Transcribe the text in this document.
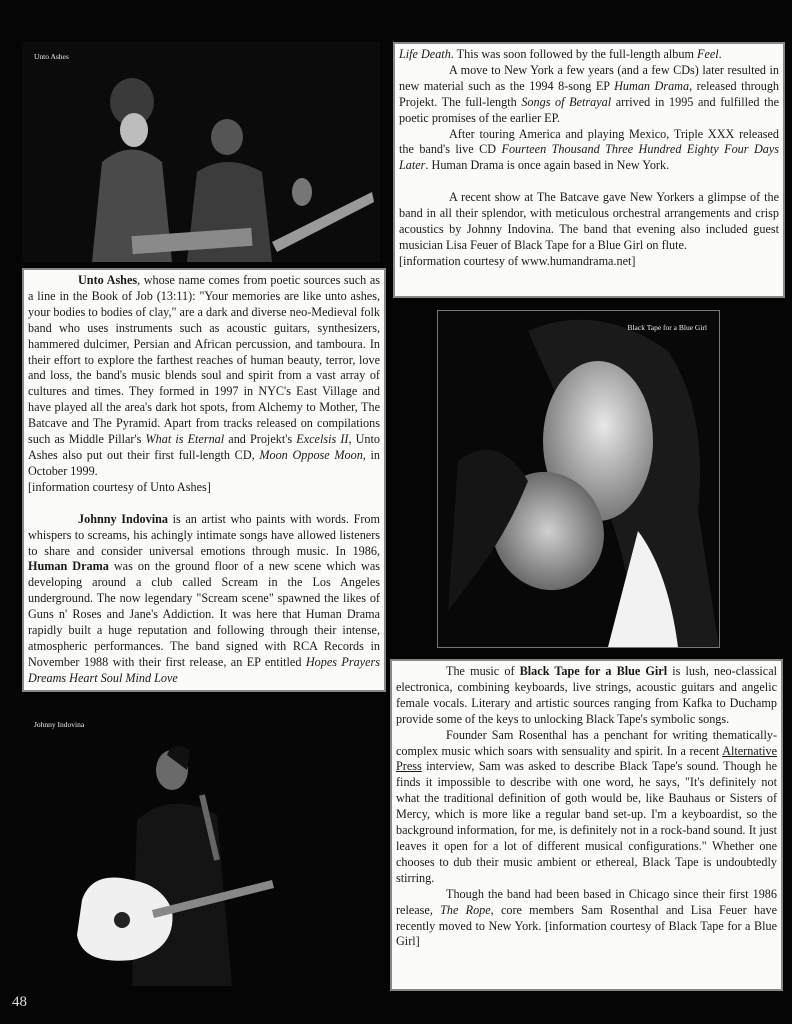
Unto Ashes	Life Death. This was soon followed by the full-length album Feel.

A move to New York a few years (and a few CDs) later resulted in new material such as the 1994 8-song EP Human Drama, released through Projekt. The full-length Songs of Betrayal arrived in 1995 and fulfilled the poetic promises of the earlier EP.

After touring America and playing Mexico, Triple XXX released the band's live CD Fourteen Thousand Three Hundred Eighty Four Days Later. Human Drama is once again based in New York.

A recent show at The Batcave gave New Yorkers a glimpse of the band in all their splendor, with meticulous orchestral arrangements and crisp acoustics by Johnny Indovina. The band that evening also included guest musician Lisa Feuer of Black Tape for a Blue Girl on flute.

[information courtesy of www.humandrama.net]

Unto Ashes, whose name comes from poetic sources such as a line in the Book of Job (13:11): "Your memories are like unto ashes, your bodies to bodies of clay," are a dark and diverse neo-Medieval folk band who uses instruments such as acoustic guitars, synthesizers, hammered dulcimer, Persian and African percussion, and tamboura. In their effort to explore the farthest reaches of human beauty, terror, love and loss, the band's music blends soul and spirit from a vast array of cultures and times. They formed in 1997 in NYC's East Village and have played all the area's dark hot spots, from Alchemy to Mother, The Batcave and The Pyramid. Apart from tracks released on compilations such as Middle Pillar's What is Eternal and Projekt's Excelsis II, Unto Ashes also put out their first full-length CD, Moon Oppose Moon, in October 1999.

[information courtesy of Unto Ashes]

Johnny Indovina is an artist who paints with words. From whispers to screams, his achingly intimate songs have allowed listeners to share and consider universal emotions through music. In 1986, Human Drama was on the ground floor of a new scene which was developing around a club called Scream in the Los Angeles underground. The now legendary "Scream scene" spawned the likes of Guns n' Roses and Jane's Addiction. It was here that Human Drama rapidly built a huge reputation and following through their intense, atmospheric performances. The band signed with RCA Records in November 1988 with their first release, an EP entitled Hopes Prayers Dreams Heart Soul Mind Love

Black Tape for a Blue Girl

The music of Black Tape for a Blue Girl is lush, neo-classical electronica, combining keyboards, live strings, acoustic guitars and angelic female vocals. Literary and artistic sources ranging from Kafka to Duchamp provide some of the keys to unlocking Black Tape's symbolic songs.

Founder Sam Rosenthal has a penchant for writing thematically-complex music which soars with sensuality and spirit. In a recent Alternative Press interview, Sam was asked to describe Black Tape's sound. Though he finds it impossible to describe with one word, he says, "It's definitely not what the traditional definition of goth would be, like Bauhaus or Sisters of Mercy, which is more like a regular band set-up. I'm a keyboardist, so the background information, for me, is definitely not in a rock-band sound. It just leaves it open for a lot of different musical configurations." Whether one chooses to dub their music ambient or ethereal, Black Tape is undoubtedly stirring.

Though the band had been based in Chicago since their first 1986 release, The Rope, core members Sam Rosenthal and Lisa Feuer have recently moved to New York. [information courtesy of Black Tape for a Blue Girl]

Johnny Indovina
48
